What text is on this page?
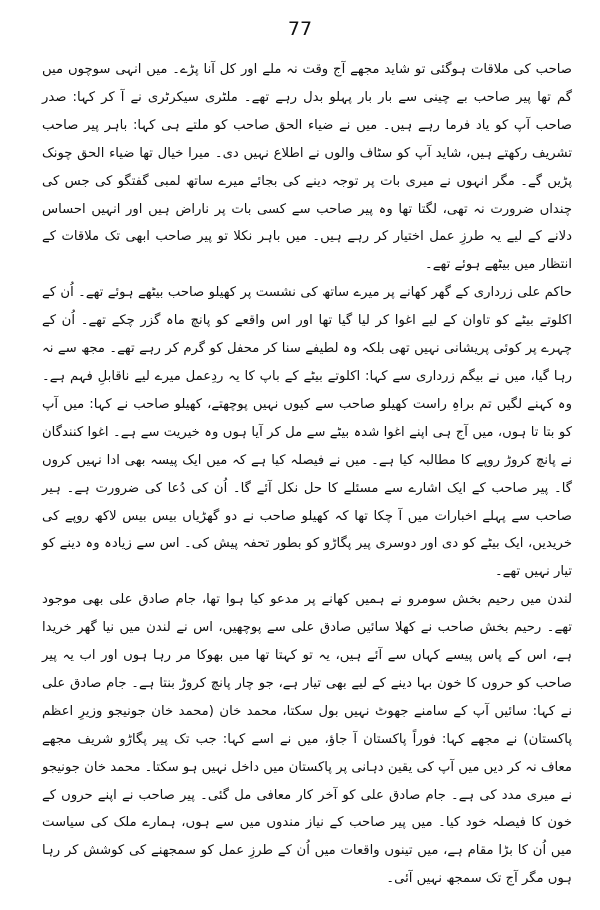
77

صاحب کی ملاقات ہوگئی تو شاید مجھے آج وقت نہ ملے اور کل آنا پڑے۔ میں انہی سوچوں میں گم تھا پیر صاحب بے چینی سے بار بار پہلو بدل رہے تھے۔ ملٹری سیکرٹری نے آ کر کہا: صدر صاحب آپ کو یاد فرما رہے ہیں۔ میں نے ضیاء الحق صاحب کو ملتے ہی کہا: باہر پیر صاحب تشریف رکھتے ہیں، شاید آپ کو سٹاف والوں نے اطلاع نہیں دی۔ میرا خیال تھا ضیاء الحق چونک پڑیں گے۔ مگر انہوں نے میری بات پر توجہ دینے کی بجائے میرے ساتھ لمبی گفتگو کی جس کی چنداں ضرورت نہ تھی، لگتا تھا وہ پیر صاحب سے کسی بات پر ناراض ہیں اور انہیں احساس دلانے کے لیے یہ طرزِ عمل اختیار کر رہے ہیں۔ میں باہر نکلا تو پیر صاحب ابھی تک ملاقات کے انتظار میں بیٹھے ہوئے تھے۔

حاکم علی زرداری کے گھر کھانے پر میرے ساتھ کی نشست پر کھیلو صاحب بیٹھے ہوئے تھے۔ اُن کے اکلوتے بیٹے کو تاوان کے لیے اغوا کر لیا گیا تھا اور اس واقعے کو پانچ ماہ گزر چکے تھے۔ اُن کے چہرے پر کوئی پریشانی نہیں تھی بلکہ وہ لطیفے سنا کر محفل کو گرم کر رہے تھے۔ مجھ سے نہ رہا گیا، میں نے بیگم زرداری سے کہا: اکلوتے بیٹے کے باپ کا یہ ردِعمل میرے لیے ناقابلِ فہم ہے۔ وہ کہنے لگیں تم براہِ راست کھیلو صاحب سے کیوں نہیں پوچھتے، کھیلو صاحب نے کہا: میں آپ کو بتا تا ہوں، میں آج ہی اپنے اغوا شدہ بیٹے سے مل کر آیا ہوں وہ خیریت سے ہے۔ اغوا کنندگان نے پانچ کروڑ روپے کا مطالبہ کیا ہے۔ میں نے فیصلہ کیا ہے کہ میں ایک پیسہ بھی ادا نہیں کروں گا۔ پیر صاحب کے ایک اشارے سے مسئلے کا حل نکل آئے گا۔ اُن کی دُعا کی ضرورت ہے۔ ہیر صاحب سے پہلے اخبارات میں آ چکا تھا کہ کھیلو صاحب نے دو گھڑیاں بیس بیس لاکھ روپے کی خریدیں، ایک بیٹے کو دی اور دوسری پیر پگاڑو کو بطور تحفہ پیش کی۔ اس سے زیادہ وہ دینے کو تیار نہیں تھے۔

لندن میں رحیم بخش سومرو نے ہمیں کھانے پر مدعو کیا ہوا تھا، جام صادق علی بھی موجود تھے۔ رحیم بخش صاحب نے کھلا سائیں صادق علی سے پوچھیں، اس نے لندن میں نیا گھر خریدا ہے، اس کے پاس پیسے کہاں سے آئے ہیں، یہ تو کہتا تھا میں بھوکا مر رہا ہوں اور اب یہ پیر صاحب کو حروں کا خون بہا دینے کے لیے بھی تیار ہے، جو چار پانچ کروڑ بنتا ہے۔ جام صادق علی نے کہا: سائیں آپ کے سامنے جھوٹ نہیں بول سکتا، محمد خان (محمد خان جونیجو وزیرِ اعظم پاکستان) نے مجھے کہا: فوراً پاکستان آ جاؤ، میں نے اسے کہا: جب تک پیر پگاڑو شریف مجھے معاف نہ کر دیں میں آپ کی یقین دہانی پر پاکستان میں داخل نہیں ہو سکتا۔ محمد خان جونیجو نے میری مدد کی ہے۔ جام صادق علی کو آخر کار معافی مل گئی۔ پیر صاحب نے اپنے حروں کے خون کا فیصلہ خود کیا۔ میں پیر صاحب کے نیاز مندوں میں سے ہوں، ہمارے ملک کی سیاست میں اُن کا بڑا مقام ہے، میں تینوں واقعات میں اُن کے طرزِ عمل کو سمجھنے کی کوشش کر رہا ہوں مگر آج تک سمجھ نہیں آئی۔
